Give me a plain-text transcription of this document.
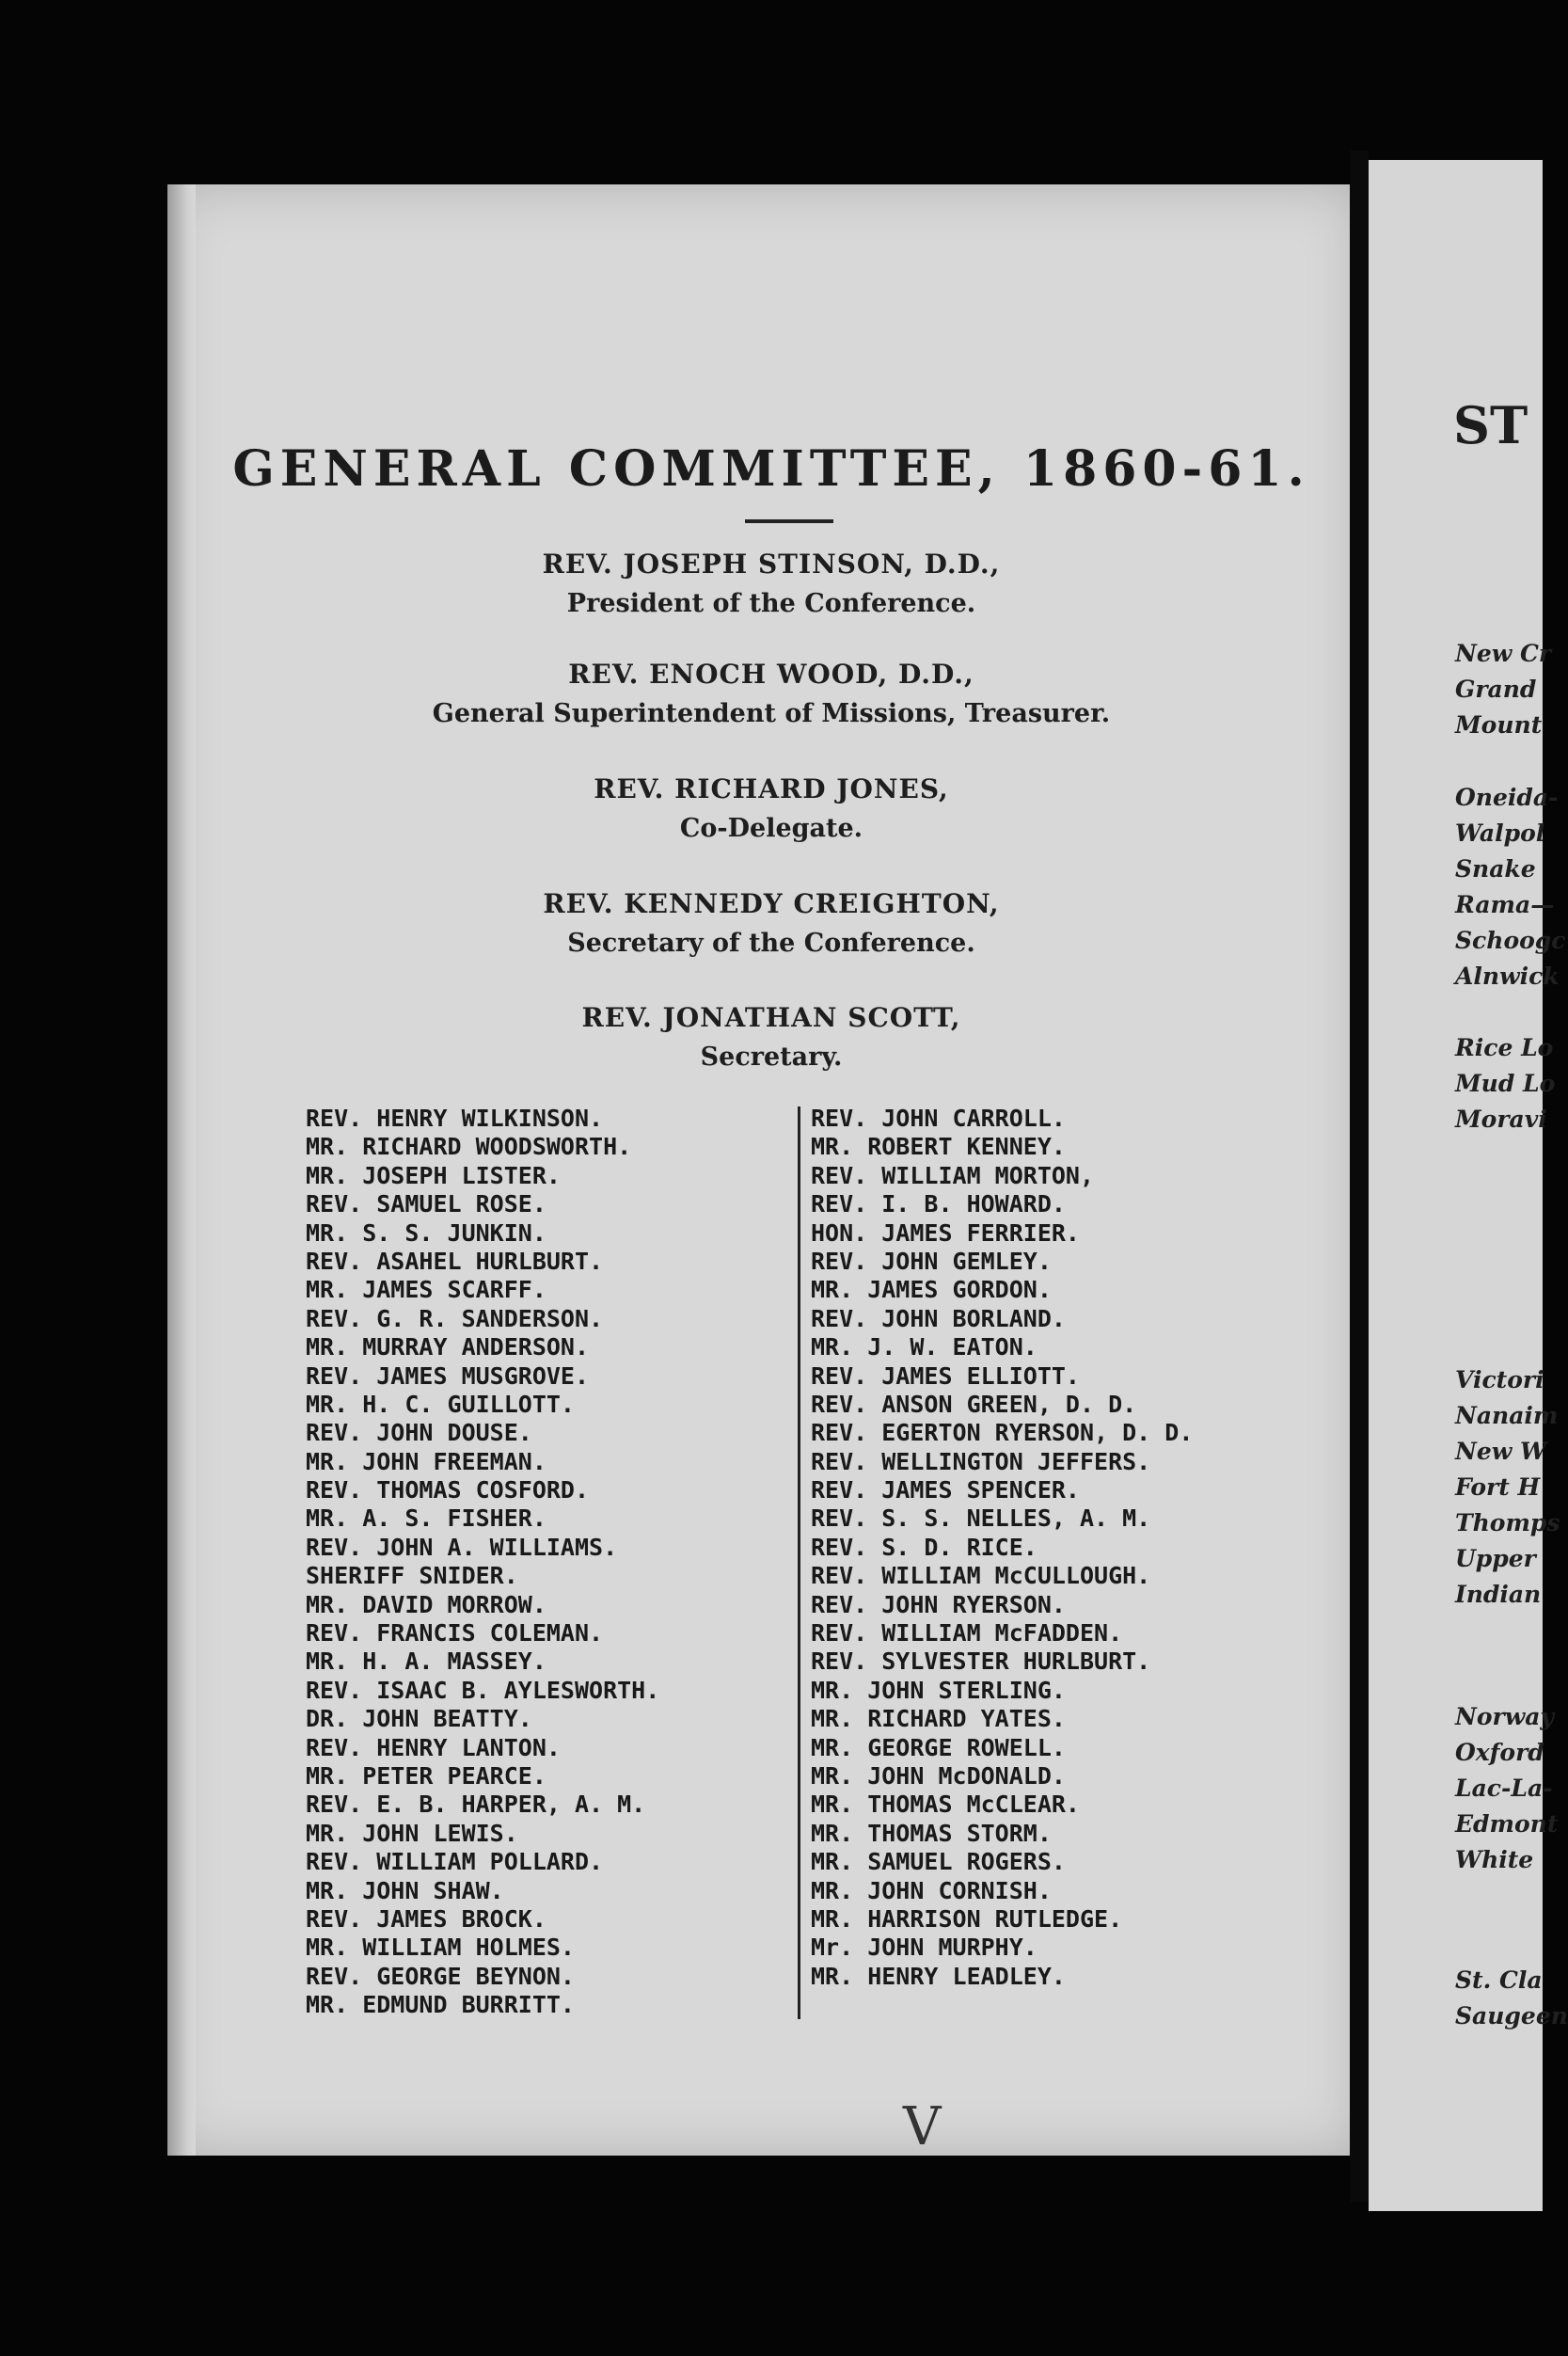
ST
New Cr
Grand
Mount
Oneida-
Walpol
Snake
Rama—
Schoogc
Alnwick
Rice Lo
Mud Lo
Moravi
Victori
Nanaim
New W
Fort H
Thomps
Upper
Indian
Norway
Oxford
Lac-La-
Edmont
White
St. Cla
Saugeen
GENERAL COMMITTEE, 1860-61.
REV. JOSEPH STINSON, D.D.,
President of the Conference.
REV. ENOCH WOOD, D.D.,
General Superintendent of Missions, Treasurer.
REV. RICHARD JONES,
Co-Delegate.
REV. KENNEDY CREIGHTON,
Secretary of the Conference.
REV. JONATHAN SCOTT,
Secretary.
REV. HENRY WILKINSON.
MR. RICHARD WOODSWORTH.
MR. JOSEPH LISTER.
REV. SAMUEL ROSE.
MR. S. S. JUNKIN.
REV. ASAHEL HURLBURT.
MR. JAMES SCARFF.
REV. G. R. SANDERSON.
MR. MURRAY ANDERSON.
REV. JAMES MUSGROVE.
MR. H. C. GUILLOTT.
REV. JOHN DOUSE.
MR. JOHN FREEMAN.
REV. THOMAS COSFORD.
MR. A. S. FISHER.
REV. JOHN A. WILLIAMS.
SHERIFF SNIDER.
MR. DAVID MORROW.
REV. FRANCIS COLEMAN.
MR. H. A. MASSEY.
REV. ISAAC B. AYLESWORTH.
DR. JOHN BEATTY.
REV. HENRY LANTON.
MR. PETER PEARCE.
REV. E. B. HARPER, A. M.
MR. JOHN LEWIS.
REV. WILLIAM POLLARD.
MR. JOHN SHAW.
REV. JAMES BROCK.
MR. WILLIAM HOLMES.
REV. GEORGE BEYNON.
MR. EDMUND BURRITT.
REV. JOHN CARROLL.
MR. ROBERT KENNEY.
REV. WILLIAM MORTON,
REV. I. B. HOWARD.
HON. JAMES FERRIER.
REV. JOHN GEMLEY.
MR. JAMES GORDON.
REV. JOHN BORLAND.
MR. J. W. EATON.
REV. JAMES ELLIOTT.
REV. ANSON GREEN, D. D.
REV. EGERTON RYERSON, D. D.
REV. WELLINGTON JEFFERS.
REV. JAMES SPENCER.
REV. S. S. NELLES, A. M.
REV. S. D. RICE.
REV. WILLIAM McCULLOUGH.
REV. JOHN RYERSON.
REV. WILLIAM McFADDEN.
REV. SYLVESTER HURLBURT.
MR. JOHN STERLING.
MR. RICHARD YATES.
MR. GEORGE ROWELL.
MR. JOHN McDONALD.
MR. THOMAS McCLEAR.
MR. THOMAS STORM.
MR. SAMUEL ROGERS.
MR. JOHN CORNISH.
MR. HARRISON RUTLEDGE.
Mr. JOHN MURPHY.
MR. HENRY LEADLEY.
V
